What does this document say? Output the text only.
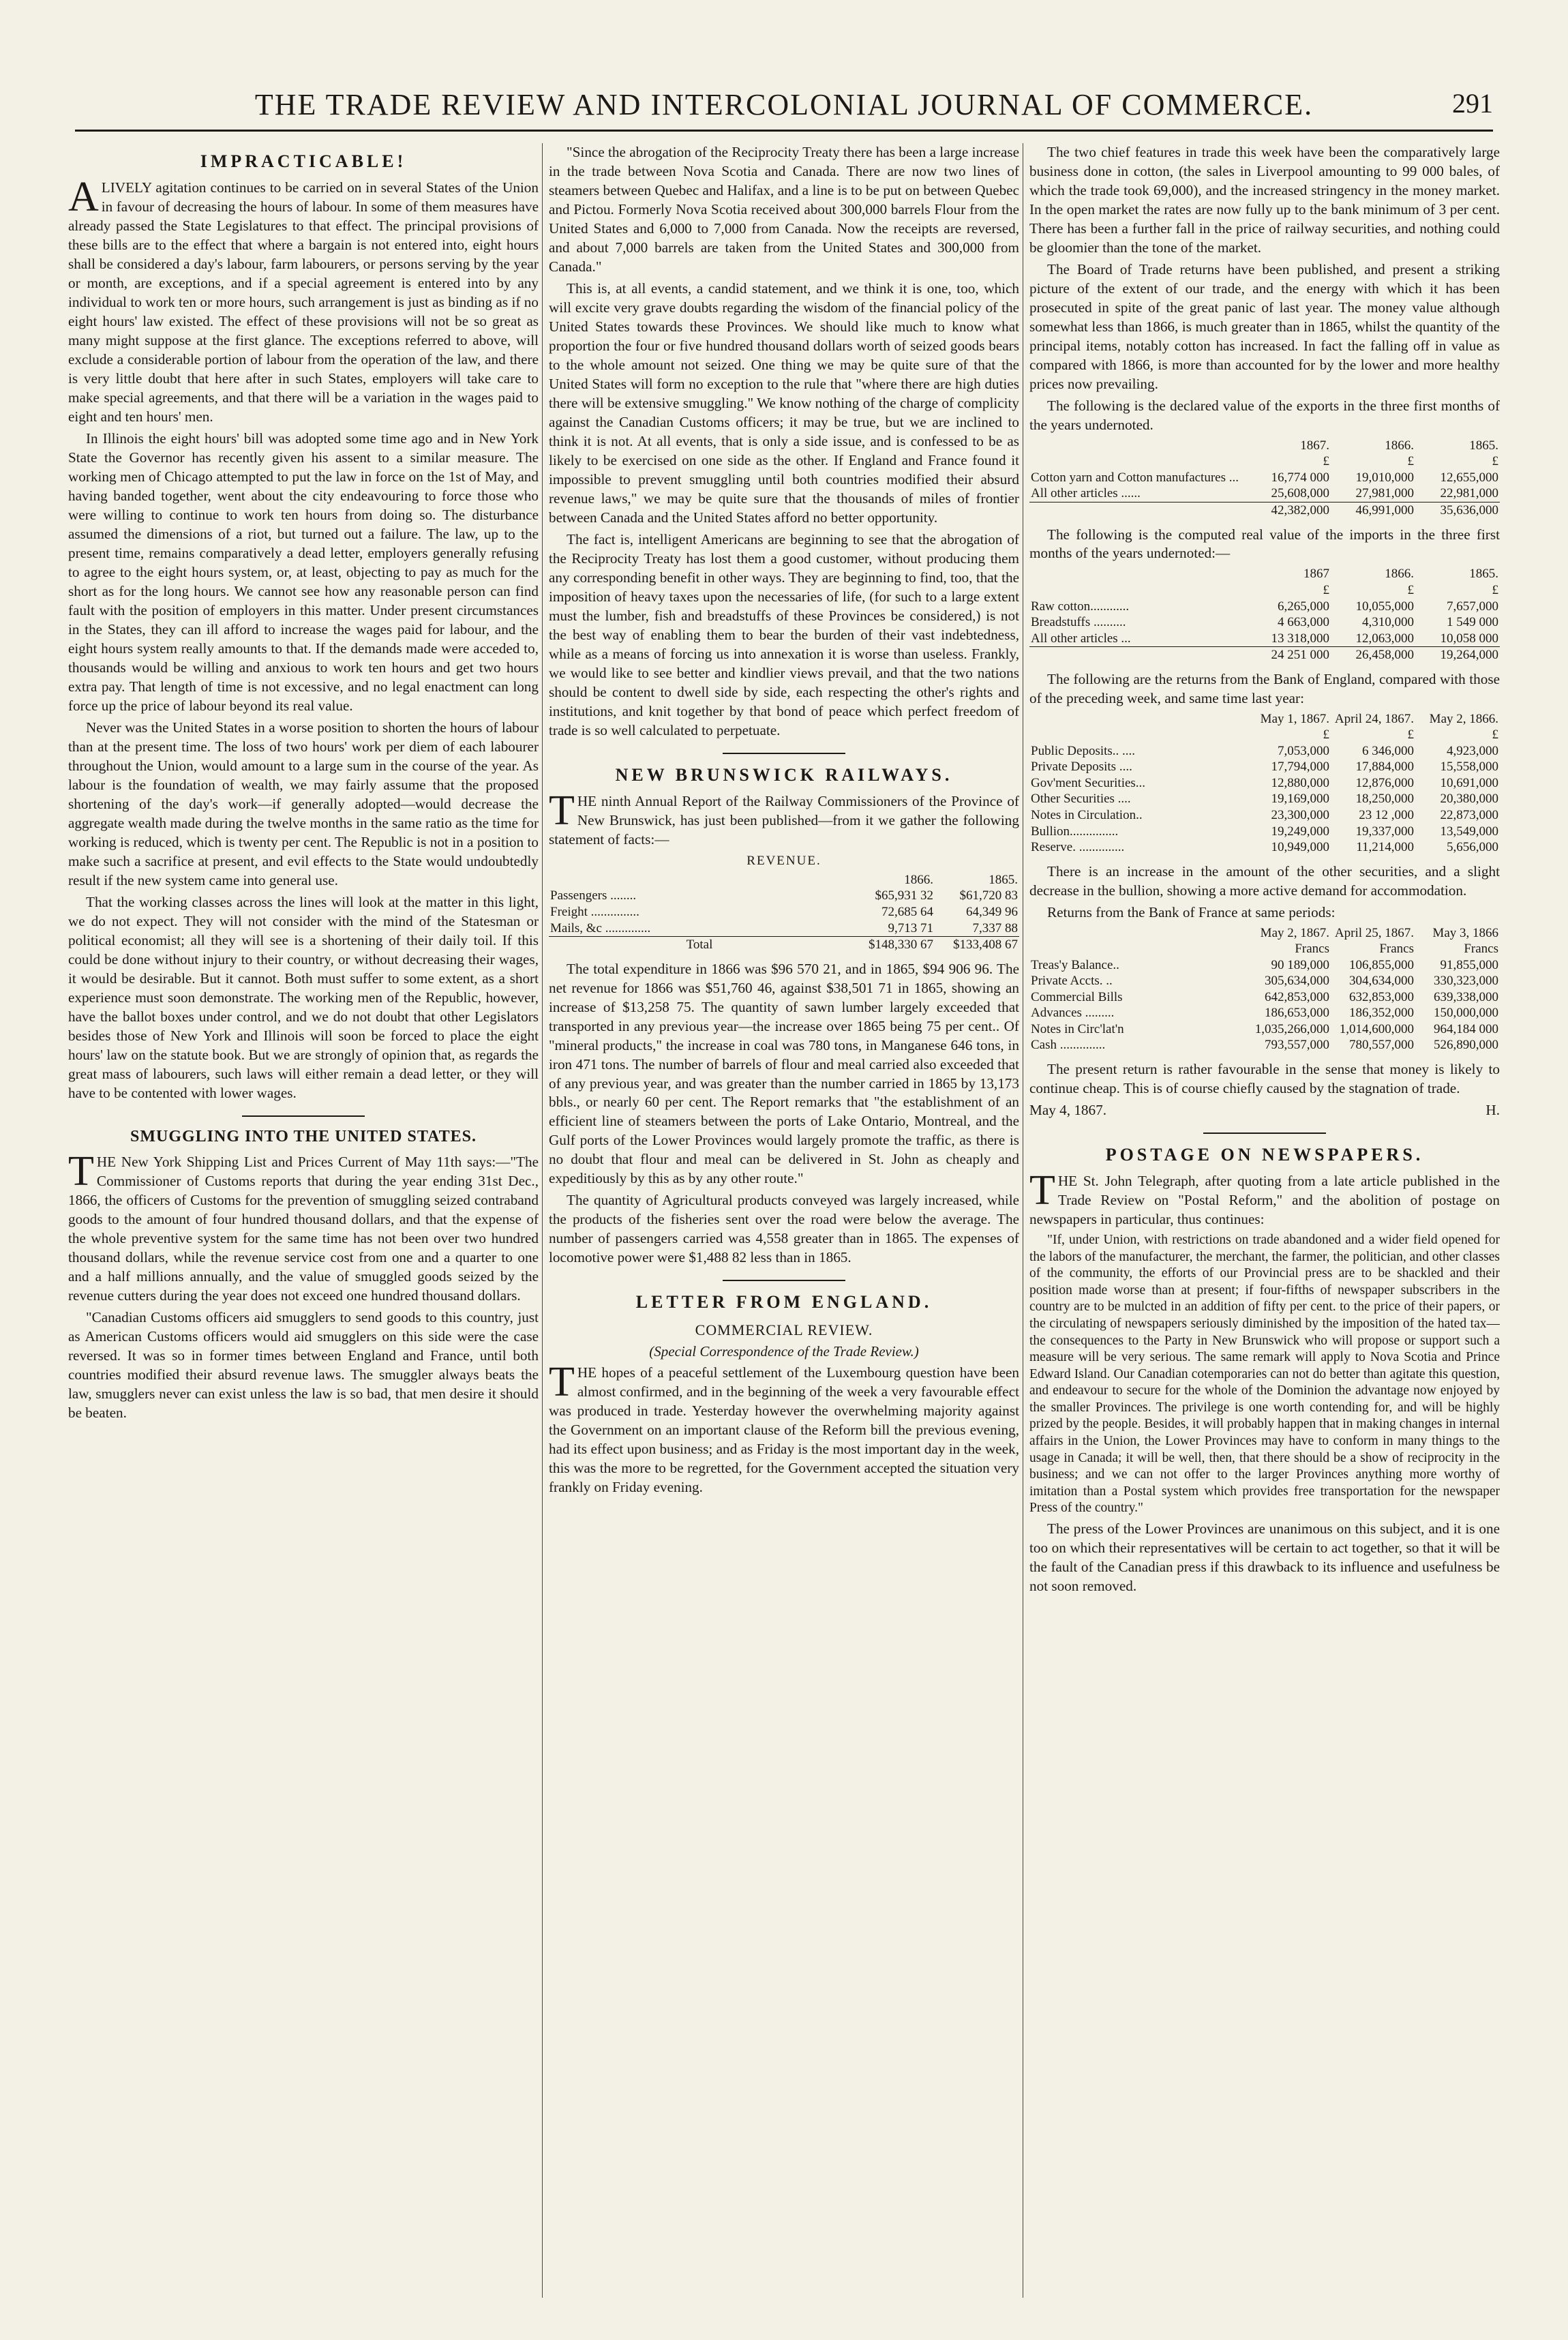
THE TRADE REVIEW AND INTERCOLONIAL JOURNAL OF COMMERCE.	291
IMPRACTICABLE!

ALIVELY agitation continues to be carried on in several States of the Union in favour of decreasing the hours of labour. In some of them measures have already passed the State Legislatures to that effect. The principal provisions of these bills are to the effect that where a bargain is not entered into, eight hours shall be considered a day's labour, farm labourers, or persons serving by the year or month, are exceptions, and if a special agreement is entered into by any individual to work ten or more hours, such arrangement is just as binding as if no eight hours' law existed. The effect of these provisions will not be so great as many might suppose at the first glance. The exceptions referred to above, will exclude a considerable portion of labour from the operation of the law, and there is very little doubt that here after in such States, employers will take care to make special agreements, and that there will be a variation in the wages paid to eight and ten hours' men.

In Illinois the eight hours' bill was adopted some time ago and in New York State the Governor has recently given his assent to a similar measure. The working men of Chicago attempted to put the law in force on the 1st of May, and having banded together, went about the city endeavouring to force those who were willing to continue to work ten hours from doing so. The disturbance assumed the dimensions of a riot, but turned out a failure. The law, up to the present time, remains comparatively a dead letter, employers generally refusing to agree to the eight hours system, or, at least, objecting to pay as much for the short as for the long hours. We cannot see how any reasonable person can find fault with the position of employers in this matter. Under present circumstances in the States, they can ill afford to increase the wages paid for labour, and the eight hours system really amounts to that. If the demands made were acceded to, thousands would be willing and anxious to work ten hours and get two hours extra pay. That length of time is not excessive, and no legal enactment can long force up the price of labour beyond its real value.

Never was the United States in a worse position to shorten the hours of labour than at the present time. The loss of two hours' work per diem of each labourer throughout the Union, would amount to a large sum in the course of the year. As labour is the foundation of wealth, we may fairly assume that the proposed shortening of the day's work—if generally adopted—would decrease the aggregate wealth made during the twelve months in the same ratio as the time for working is reduced, which is twenty per cent. The Republic is not in a position to make such a sacrifice at present, and evil effects to the State would undoubtedly result if the new system came into general use.

That the working classes across the lines will look at the matter in this light, we do not expect. They will not consider with the mind of the Statesman or political economist; all they will see is a shortening of their daily toil. If this could be done without injury to their country, or without decreasing their wages, it would be desirable. But it cannot. Both must suffer to some extent, as a short experience must soon demonstrate. The working men of the Republic, however, have the ballot boxes under control, and we do not doubt that other Legislators besides those of New York and Illinois will soon be forced to place the eight hours' law on the statute book. But we are strongly of opinion that, as regards the great mass of labourers, such laws will either remain a dead letter, or they will have to be contented with lower wages.

SMUGGLING INTO THE UNITED STATES.

THE New York Shipping List and Prices Current of May 11th says:—"The Commissioner of Customs reports that during the year ending 31st Dec., 1866, the officers of Customs for the prevention of smuggling seized contraband goods to the amount of four hundred thousand dollars, and that the expense of the whole preventive system for the same time has not been over two hundred thousand dollars, while the revenue service cost from one and a quarter to one and a half millions annually, and the value of smuggled goods seized by the revenue cutters during the year does not exceed one hundred thousand dollars.

"Canadian Customs officers aid smugglers to send goods to this country, just as American Customs officers would aid smugglers on this side were the case reversed. It was so in former times between England and France, until both countries modified their absurd revenue laws. The smuggler always beats the law, smugglers never can exist unless the law is so bad, that men desire it should be beaten.

"Since the abrogation of the Reciprocity Treaty there has been a large increase in the trade between Nova Scotia and Canada. There are now two lines of steamers between Quebec and Halifax, and a line is to be put on between Quebec and Pictou. Formerly Nova Scotia received about 300,000 barrels Flour from the United States and 6,000 to 7,000 from Canada. Now the receipts are reversed, and about 7,000 barrels are taken from the United States and 300,000 from Canada."

This is, at all events, a candid statement, and we think it is one, too, which will excite very grave doubts regarding the wisdom of the financial policy of the United States towards these Provinces. We should like much to know what proportion the four or five hundred thousand dollars worth of seized goods bears to the whole amount not seized. One thing we may be quite sure of that the United States will form no exception to the rule that "where there are high duties there will be extensive smuggling." We know nothing of the charge of complicity against the Canadian Customs officers; it may be true, but we are inclined to think it is not. At all events, that is only a side issue, and is confessed to be as likely to be exercised on one side as the other. If England and France found it impossible to prevent smuggling until both countries modified their absurd revenue laws," we may be quite sure that the thousands of miles of frontier between Canada and the United States afford no better opportunity.

The fact is, intelligent Americans are beginning to see that the abrogation of the Reciprocity Treaty has lost them a good customer, without producing them any corresponding benefit in other ways. They are beginning to find, too, that the imposition of heavy taxes upon the necessaries of life, (for such to a large extent must the lumber, fish and breadstuffs of these Provinces be considered,) is not the best way of enabling them to bear the burden of their vast indebtedness, while as a means of forcing us into annexation it is worse than useless. Frankly, we would like to see better and kindlier views prevail, and that the two nations should be content to dwell side by side, each respecting the other's rights and institutions, and knit together by that bond of peace which perfect freedom of trade is so well calculated to perpetuate.

NEW BRUNSWICK RAILWAYS.

THE ninth Annual Report of the Railway Commissioners of the Province of New Brunswick, has just been published—from it we gather the following statement of facts:—

REVENUE.
	1866.	1865.
Passengers ........	$65,931 32	$61,720 83
Freight ...............	72,685 64	64,349 96
Mails, &c ..............	9,713 71	7,337 88
Total	$148,330 67	$133,408 67

The total expenditure in 1866 was $96 570 21, and in 1865, $94 906 96. The net revenue for 1866 was $51,760 46, against $38,501 71 in 1865, showing an increase of $13,258 75. The quantity of sawn lumber largely exceeded that transported in any previous year—the increase over 1865 being 75 per cent.. Of "mineral products," the increase in coal was 780 tons, in Manganese 646 tons, in iron 471 tons. The number of barrels of flour and meal carried also exceeded that of any previous year, and was greater than the number carried in 1865 by 13,173 bbls., or nearly 60 per cent. The Report remarks that "the establishment of an efficient line of steamers between the ports of Lake Ontario, Montreal, and the Gulf ports of the Lower Provinces would largely promote the traffic, as there is no doubt that flour and meal can be delivered in St. John as cheaply and expeditiously by this as by any other route."

The quantity of Agricultural products conveyed was largely increased, while the products of the fisheries sent over the road were below the average. The number of passengers carried was 4,558 greater than in 1865. The expenses of locomotive power were $1,488 82 less than in 1865.

LETTER FROM ENGLAND.
COMMERCIAL REVIEW.
(Special Correspondence of the Trade Review.)

THE hopes of a peaceful settlement of the Luxembourg question have been almost confirmed, and in the beginning of the week a very favourable effect was produced in trade. Yesterday however the overwhelming majority against the Government on an important clause of the Reform bill the previous evening, had its effect upon business; and as Friday is the most important day in the week, this was the more to be regretted, for the Government accepted the situation very frankly on Friday evening.

The two chief features in trade this week have been the comparatively large business done in cotton, (the sales in Liverpool amounting to 99 000 bales, of which the trade took 69,000), and the increased stringency in the money market. In the open market the rates are now fully up to the bank minimum of 3 per cent. There has been a further fall in the price of railway securities, and nothing could be gloomier than the tone of the market.

The Board of Trade returns have been published, and present a striking picture of the extent of our trade, and the energy with which it has been prosecuted in spite of the great panic of last year. The money value although somewhat less than 1866, is much greater than in 1865, whilst the quantity of the principal items, notably cotton has increased. In fact the falling off in value as compared with 1866, is more than accounted for by the lower and more healthy prices now prevailing.

The following is the declared value of the exports in the three first months of the years undernoted.

	1867.	1866.	1865.
	£	£	£
Cotton yarn and Cotton manufactures ...	16,774 000	19,010,000	12,655,000
All other articles ......	25,608,000	27,981,000	22,981,000
	42,382,000	46,991,000	35,636,000

The following is the computed real value of the imports in the three first months of the years undernoted:—

	1867	1866.	1865.
	£	£	£
Raw cotton............	6,265,000	10,055,000	7,657,000
Breadstuffs ..........	4 663,000	4,310,000	1 549 000
All other articles ...	13 318,000	12,063,000	10,058 000
	24 251 000	26,458,000	19,264,000

The following are the returns from the Bank of England, compared with those of the preceding week, and same time last year:

	May 1, 1867.	April 24, 1867.	May 2, 1866.
	£	£	£
Public Deposits.. ....	7,053,000	6 346,000	4,923,000
Private Deposits ....	17,794,000	17,884,000	15,558,000
Gov'ment Securities...	12,880,000	12,876,000	10,691,000
Other Securities ....	19,169,000	18,250,000	20,380,000
Notes in Circulation..	23,300,000	23 12 ,000	22,873,000
Bullion...............	19,249,000	19,337,000	13,549,000
Reserve. ..............	10,949,000	11,214,000	5,656,000

There is an increase in the amount of the other securities, and a slight decrease in the bullion, showing a more active demand for accommodation.

Returns from the Bank of France at same periods:

	May 2, 1867.	April 25, 1867.	May 3, 1866
	Francs	Francs	Francs
Treas'y Balance..	90 189,000	106,855,000	91,855,000
Private Accts. ..	305,634,000	304,634,000	330,323,000
Commercial Bills	642,853,000	632,853,000	639,338,000
Advances .........	186,653,000	186,352,000	150,000,000
Notes in Circ'lat'n	1,035,266,000	1,014,600,000	964,184 000
Cash ..............	793,557,000	780,557,000	526,890,000

The present return is rather favourable in the sense that money is likely to continue cheap. This is of course chiefly caused by the stagnation of trade.

May 4, 1867.	H.

POSTAGE ON NEWSPAPERS.

THE St. John Telegraph, after quoting from a late article published in the Trade Review on "Postal Reform," and the abolition of postage on newspapers in particular, thus continues:

"If, under Union, with restrictions on trade abandoned and a wider field opened for the labors of the manufacturer, the merchant, the farmer, the politician, and other classes of the community, the efforts of our Provincial press are to be shackled and their position made worse than at present; if four-fifths of newspaper subscribers in the country are to be mulcted in an addition of fifty per cent. to the price of their papers, or the circulating of newspapers seriously diminished by the imposition of the hated tax—the consequences to the Party in New Brunswick who will propose or support such a measure will be very serious. The same remark will apply to Nova Scotia and Prince Edward Island. Our Canadian cotemporaries can not do better than agitate this question, and endeavour to secure for the whole of the Dominion the advantage now enjoyed by the smaller Provinces. The privilege is one worth contending for, and will be highly prized by the people. Besides, it will probably happen that in making changes in internal affairs in the Union, the Lower Provinces may have to conform in many things to the usage in Canada; it will be well, then, that there should be a show of reciprocity in the business; and we can not offer to the larger Provinces anything more worthy of imitation than a Postal system which provides free transportation for the newspaper Press of the country."

The press of the Lower Provinces are unanimous on this subject, and it is one too on which their representatives will be certain to act together, so that it will be the fault of the Canadian press if this drawback to its influence and usefulness be not soon removed.
